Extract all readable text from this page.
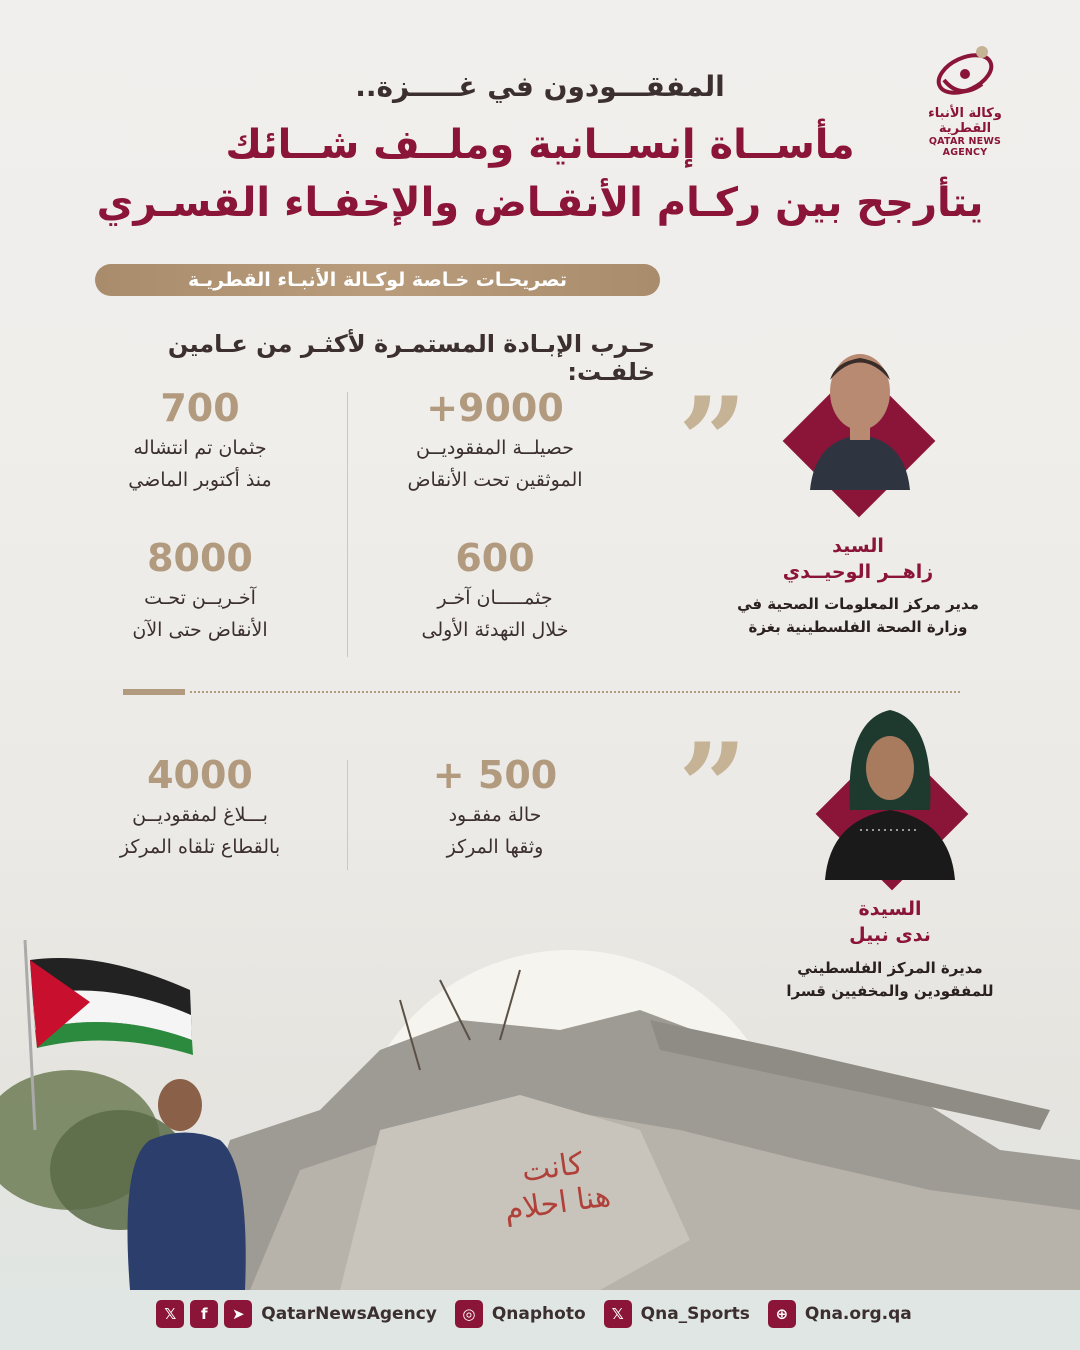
وكالة الأنباء القطرية
QATAR NEWS AGENCY
المفقـــودون في غـــــزة..
مأســاة إنســانية وملــف شــائك
يتأرجح بين ركـام الأنقـاض والإخفـاء القسـري
تصريحـات خـاصة لوكـالة الأنبـاء القطريـة
حـرب الإبـادة المستمـرة لأكثـر من عـامين خلفـت:
9000+
حصيلــة المفقوديــن
الموثقين تحت الأنقاض
700
جثمان تم انتشاله
منذ أكتوبر الماضي
600
جثمـــــان آخـر
خلال التهدئة الأولى
8000
آخـريــن تحـت
الأنقاض حتى الآن
”
السيد
زاهــر الوحيــدي
مدير مركز المعلومات الصحية في
وزارة الصحة الفلسطينية بغزة
500 +
حالة مفقـود
وثقها المركز
4000
بـــلاغ لمفقوديــن
بالقطاع تلقاه المركز	”
السيدة
ندى نبيل
مديرة المركز الفلسطيني
للمفقودين والمخفيين قسرا
كانت
هنا احلام
𝕏	f	➤ QatarNewsAgency	◎ Qnaphoto	𝕏 Qna_Sports	⊕ Qna.org.qa
